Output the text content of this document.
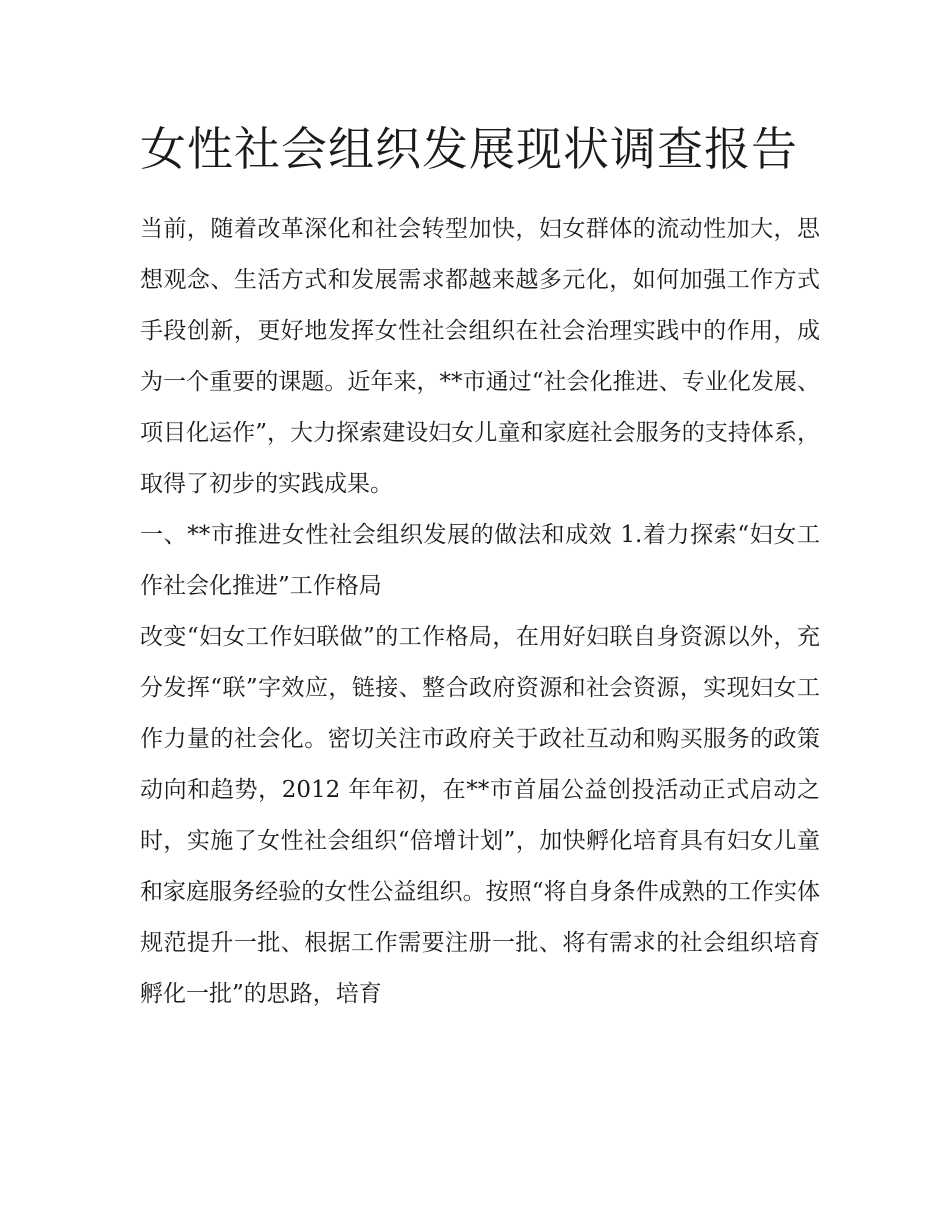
女性社会组织发展现状调查报告

当前，随着改革深化和社会转型加快，妇女群体的流动性加大，思想观念、生活方式和发展需求都越来越多元化，如何加强工作方式手段创新，更好地发挥女性社会组织在社会治理实践中的作用，成为一个重要的课题。近年来，**市通过“社会化推进、专业化发展、项目化运作”，大力探索建设妇女儿童和家庭社会服务的支持体系，取得了初步的实践成果。

一、**市推进女性社会组织发展的做法和成效 1.着力探索“妇女工作社会化推进”工作格局

改变“妇女工作妇联做”的工作格局，在用好妇联自身资源以外，充分发挥“联”字效应，链接、整合政府资源和社会资源，实现妇女工作力量的社会化。密切关注市政府关于政社互动和购买服务的政策动向和趋势，2012 年年初，在**市首届公益创投活动正式启动之时，实施了女性社会组织“倍增计划”，加快孵化培育具有妇女儿童和家庭服务经验的女性公益组织。按照“将自身条件成熟的工作实体规范提升一批、根据工作需要注册一批、将有需求的社会组织培育孵化一批”的思路，培育
